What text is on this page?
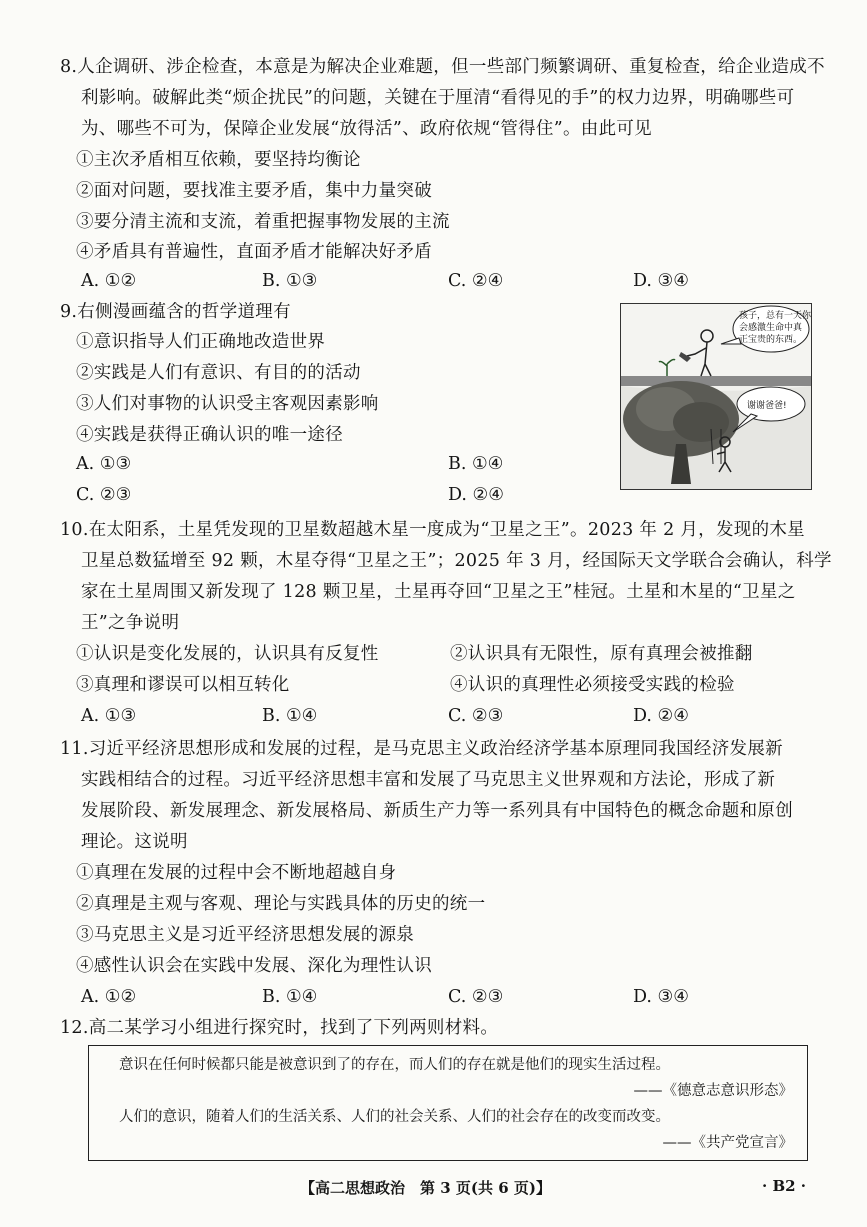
8.人企调研、涉企检查，本意是为解决企业难题，但一些部门频繁调研、重复检查，给企业造成不
利影响。破解此类“烦企扰民”的问题，关键在于厘清“看得见的手”的权力边界，明确哪些可
为、哪些不可为，保障企业发展“放得活”、政府依规“管得住”。由此可见
①主次矛盾相互依赖，要坚持均衡论
②面对问题，要找准主要矛盾，集中力量突破
③要分清主流和支流，着重把握事物发展的主流
④矛盾具有普遍性，直面矛盾才能解决好矛盾
A. ①②	B. ①③	C. ②④	D. ③④
9.右侧漫画蕴含的哲学道理有
①意识指导人们正确地改造世界
②实践是人们有意识、有目的的活动
③人们对事物的认识受主客观因素影响
④实践是获得正确认识的唯一途径
A. ①③	B. ①④
C. ②③	D. ②④
孩子，总有一天你
会感激生命中真
正宝贵的东西。
谢谢爸爸!
10.在太阳系，土星凭发现的卫星数超越木星一度成为“卫星之王”。2023 年 2 月，发现的木星
卫星总数猛增至 92 颗，木星夺得“卫星之王”；2025 年 3 月，经国际天文学联合会确认，科学
家在土星周围又新发现了 128 颗卫星，土星再夺回“卫星之王”桂冠。土星和木星的“卫星之
王”之争说明
①认识是变化发展的，认识具有反复性	②认识具有无限性，原有真理会被推翻
③真理和谬误可以相互转化	④认识的真理性必须接受实践的检验
A. ①③	B. ①④	C. ②③	D. ②④
11.习近平经济思想形成和发展的过程，是马克思主义政治经济学基本原理同我国经济发展新
实践相结合的过程。习近平经济思想丰富和发展了马克思主义世界观和方法论，形成了新
发展阶段、新发展理念、新发展格局、新质生产力等一系列具有中国特色的概念命题和原创
理论。这说明
①真理在发展的过程中会不断地超越自身
②真理是主观与客观、理论与实践具体的历史的统一
③马克思主义是习近平经济思想发展的源泉
④感性认识会在实践中发展、深化为理性认识
A. ①②	B. ①④	C. ②③	D. ③④
12.高二某学习小组进行探究时，找到了下列两则材料。
意识在任何时候都只能是被意识到了的存在，而人们的存在就是他们的现实生活过程。
——《德意志意识形态》
人们的意识，随着人们的生活关系、人们的社会关系、人们的社会存在的改变而改变。
——《共产党宣言》
【高二思想政治　第 3 页(共 6 页)】	· B2 ·
